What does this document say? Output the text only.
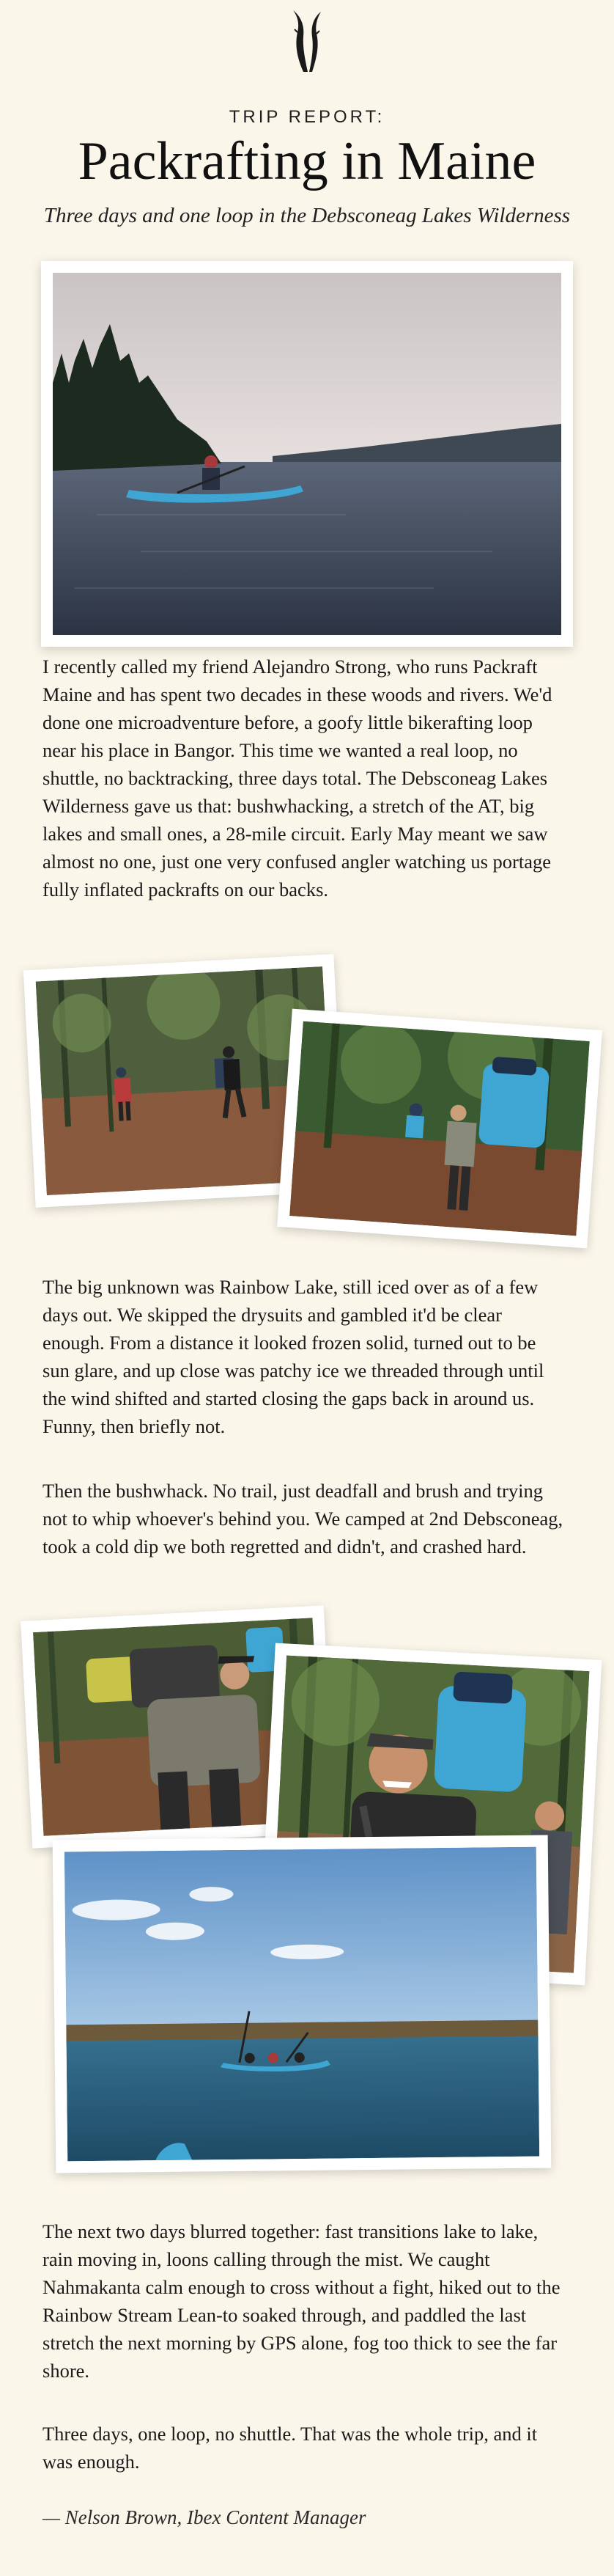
TRIP REPORT:
Packrafting in Maine
Three days and one loop in the Debsconeag Lakes Wilderness
I recently called my friend Alejandro Strong, who runs Packraft Maine and has spent two decades in these woods and rivers. We'd done one microadventure before, a goofy little bikerafting loop near his place in Bangor. This time we wanted a real loop, no shuttle, no backtracking, three days total. The Debsconeag Lakes Wilderness gave us that: bushwhacking, a stretch of the AT, big lakes and small ones, a 28-mile circuit. Early May meant we saw almost no one, just one very confused angler watching us portage fully inflated packrafts on our backs.
The big unknown was Rainbow Lake, still iced over as of a few days out. We skipped the drysuits and gambled it'd be clear enough. From a distance it looked frozen solid, turned out to be sun glare, and up close was patchy ice we threaded through until the wind shifted and started closing the gaps back in around us. Funny, then briefly not.
Then the bushwhack. No trail, just deadfall and brush and trying not to whip whoever's behind you. We camped at 2nd Debsconeag, took a cold dip we both regretted and didn't, and crashed hard.
The next two days blurred together: fast transitions lake to lake, rain moving in, loons calling through the mist. We caught Nahmakanta calm enough to cross without a fight, hiked out to the Rainbow Stream Lean-to soaked through, and paddled the last stretch the next morning by GPS alone, fog too thick to see the far shore.
Three days, one loop, no shuttle. That was the whole trip, and it was enough.
— Nelson Brown, Ibex Content Manager
